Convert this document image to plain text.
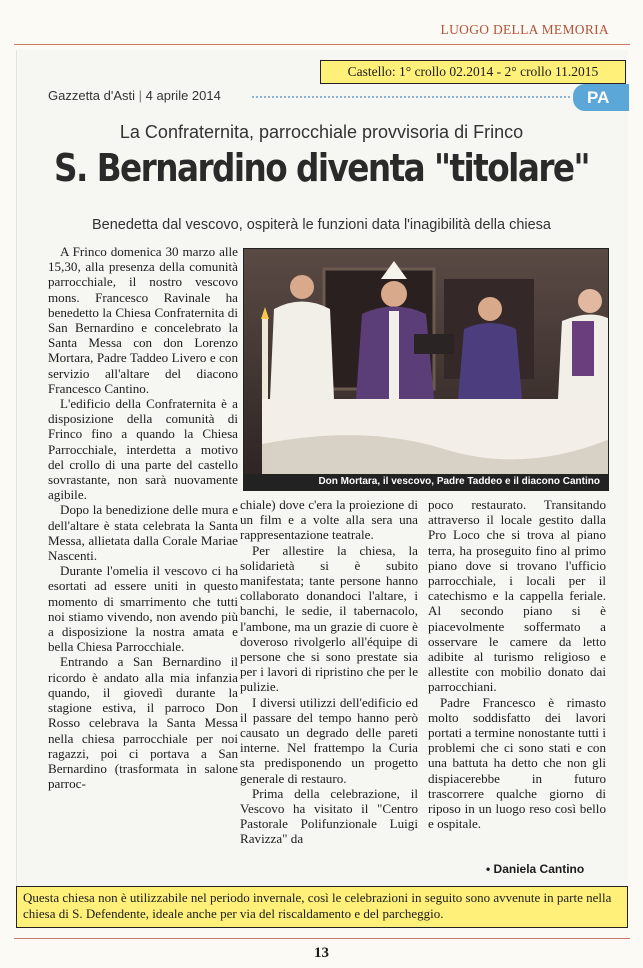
LUOGO DELLA MEMORIA
Castello: 1° crollo 02.2014 - 2° crollo 11.2015
Gazzetta d'Asti | 4 aprile 2014	PA
La Confraternita, parrocchiale provvisoria di Frinco
S. Bernardino diventa "titolare"
Benedetta dal vescovo, ospiterà le funzioni data l'inagibilità della chiesa

A Frinco domenica 30 marzo alle 15,30, alla presenza della comunità parrocchiale, il nostro vescovo mons. Francesco Ravinale ha benedetto la Chiesa Confraternita di San Bernardino e concelebrato la Santa Messa con don Lorenzo Mortara, Padre Taddeo Livero e con servizio all'altare del diacono Francesco Cantino.

L'edificio della Confraternita è a disposizione della comunità di Frinco fino a quando la Chiesa Parrocchiale, interdetta a motivo del crollo di una parte del castello sovrastante, non sarà nuovamente agibile.

Dopo la benedizione delle mura e dell'altare è stata celebrata la Santa Messa, allietata dalla Corale Mariae Nascenti.

Durante l'omelia il vescovo ci ha esortati ad essere uniti in questo momento di smarrimento che tutti noi stiamo vivendo, non avendo più a disposizione la nostra amata e bella Chiesa Parrocchiale.

Entrando a San Bernardino il ricordo è andato alla mia infanzia quando, il giovedì durante la stagione estiva, il parroco Don Rosso celebrava la Santa Messa nella chiesa parrocchiale per noi ragazzi, poi ci portava a San Bernardino (trasformata in salone parroc-

Don Mortara, il vescovo, Padre Taddeo e il diacono Cantino

chiale) dove c'era la proiezione di un film e a volte alla sera una rappresentazione teatrale.

Per allestire la chiesa, la solidarietà si è subito manifestata; tante persone hanno collaborato donandoci l'altare, i banchi, le sedie, il tabernacolo, l'ambone, ma un grazie di cuore è doveroso rivolgerlo all'équipe di persone che si sono prestate sia per i lavori di ripristino che per le pulizie.

I diversi utilizzi dell'edificio ed il passare del tempo hanno però causato un degrado delle pareti interne. Nel frattempo la Curia sta predisponendo un progetto generale di restauro.

Prima della celebrazione, il Vescovo ha visitato il "Centro Pastorale Polifunzionale Luigi Ravizza" da

poco restaurato. Transitando attraverso il locale gestito dalla Pro Loco che si trova al piano terra, ha proseguito fino al primo piano dove si trovano l'ufficio parrocchiale, i locali per il catechismo e la cappella feriale. Al secondo piano si è piacevolmente soffermato a osservare le camere da letto adibite al turismo religioso e allestite con mobilio donato dai parrocchiani.

Padre Francesco è rimasto molto soddisfatto dei lavori portati a termine nonostante tutti i problemi che ci sono stati e con una battuta ha detto che non gli dispiacerebbe in futuro trascorrere qualche giorno di riposo in un luogo reso così bello e ospitale.

• Daniela Cantino
Questa chiesa non è utilizzabile nel periodo invernale, così le celebrazioni in seguito sono avvenute in parte nella chiesa di S. Defendente, ideale anche per via del riscaldamento e del parcheggio.
13
